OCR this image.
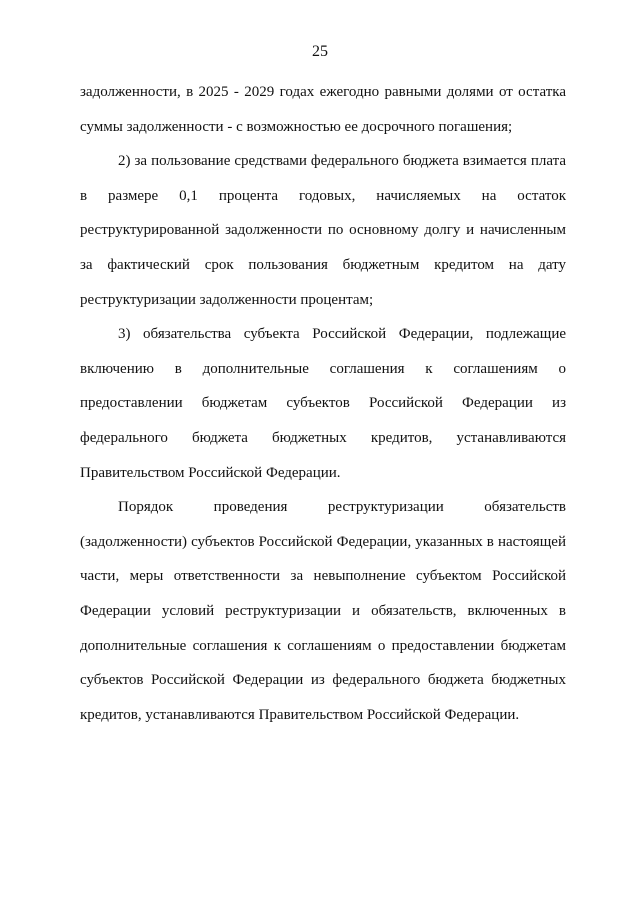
25

задолженности, в 2025 - 2029 годах ежегодно равными долями от остатка суммы задолженности - с возможностью ее досрочного погашения;

2) за пользование средствами федерального бюджета взимается плата в размере 0,1 процента годовых, начисляемых на остаток реструктурированной задолженности по основному долгу и начисленным за фактический срок пользования бюджетным кредитом на дату реструктуризации задолженности процентам;

3) обязательства субъекта Российской Федерации, подлежащие включению в дополнительные соглашения к соглашениям о предоставлении бюджетам субъектов Российской Федерации из федерального бюджета бюджетных кредитов, устанавливаются Правительством Российской Федерации.

Порядок проведения реструктуризации обязательств (задолженности) субъектов Российской Федерации, указанных в настоящей части, меры ответственности за невыполнение субъектом Российской Федерации условий реструктуризации и обязательств, включенных в дополнительные соглашения к соглашениям о предоставлении бюджетам субъектов Российской Федерации из федерального бюджета бюджетных кредитов, устанавливаются Правительством Российской Федерации.
